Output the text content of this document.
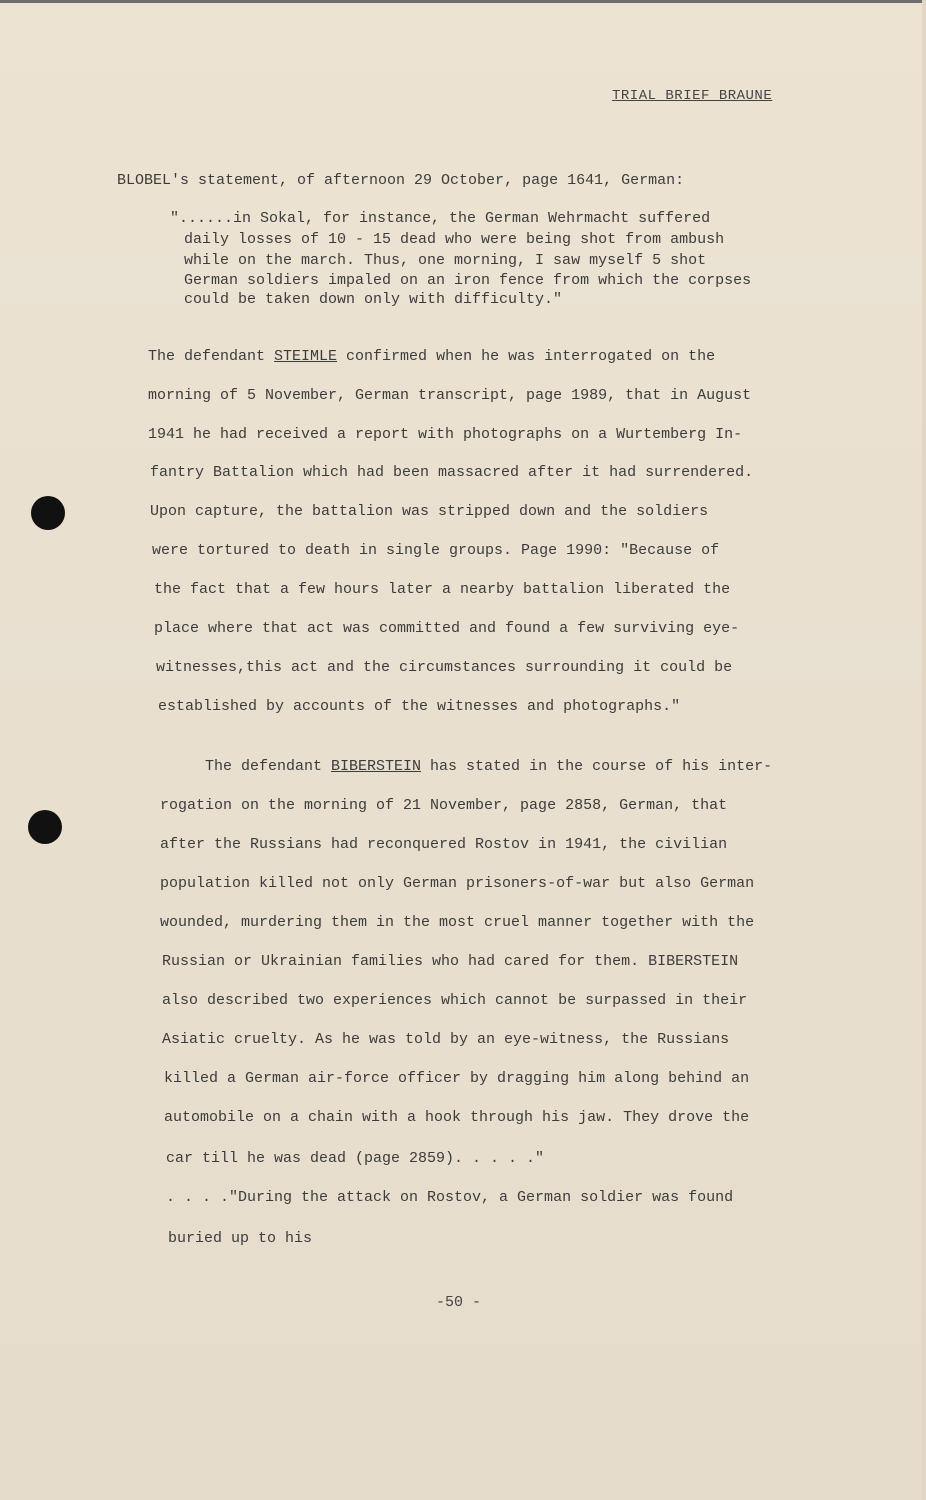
TRIAL BRIEF BRAUNE
BLOBEL's statement, of afternoon 29 October, page 1641, German:
"......in Sokal, for instance, the German Wehrmacht suffered
daily losses of 10 - 15 dead who were being shot from ambush
while on the march. Thus, one morning, I saw myself 5 shot
German soldiers impaled on an iron fence from which the corpses
could be taken down only with difficulty."
The defendant STEIMLE confirmed when he was interrogated on the
morning of 5 November, German transcript, page 1989, that in August
1941 he had received a report with photographs on a Wurtemberg In-
fantry Battalion which had been massacred after it had surrendered.
Upon capture, the battalion was stripped down and the soldiers
were tortured to death in single groups. Page 1990: "Because of
the fact that a few hours later a nearby battalion liberated the
place where that act was committed and found a few surviving eye-
witnesses,this act and the circumstances surrounding it could be
established by accounts of the witnesses and photographs."
The defendant BIBERSTEIN has stated in the course of his inter-
rogation on the morning of 21 November, page 2858, German, that
after the Russians had reconquered Rostov in 1941, the civilian
population killed not only German prisoners-of-war but also German
wounded, murdering them in the most cruel manner together with the
Russian or Ukrainian families who had cared for them. BIBERSTEIN
also described two experiences which cannot be surpassed in their
Asiatic cruelty. As he was told by an eye-witness, the Russians
killed a German air-force officer by dragging him along behind an
automobile on a chain with a hook through his jaw. They drove the
car till he was dead (page 2859). . . . ."
. . . ."During the attack on Rostov, a German soldier was found
buried up to his
-50 -
